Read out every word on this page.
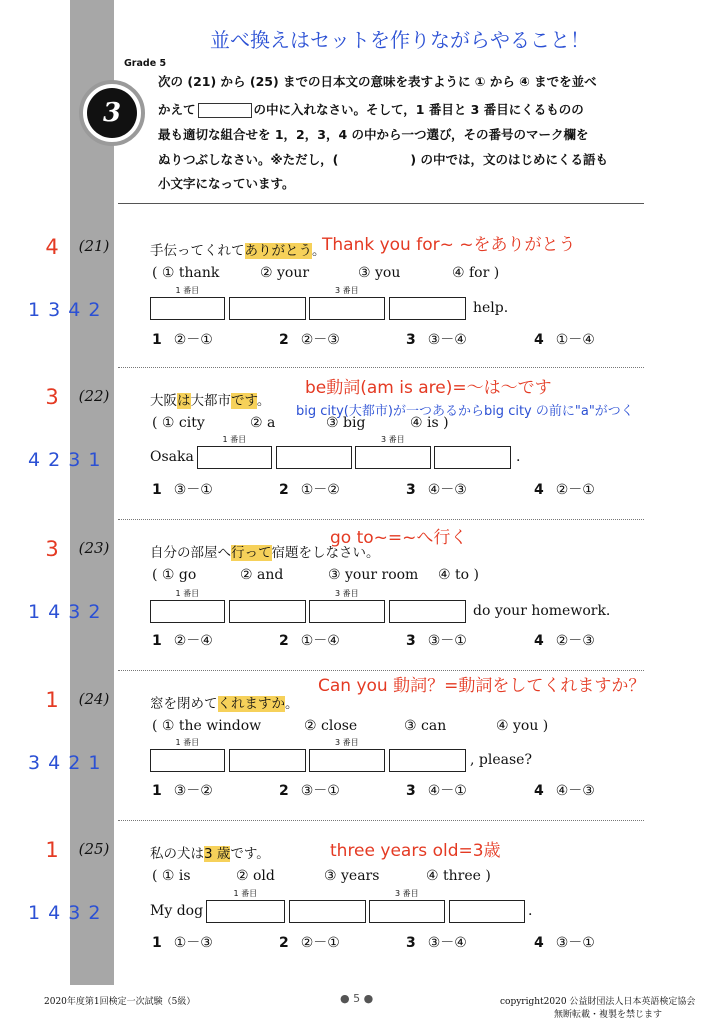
並べ換えはセットを作りながらやること！
Grade 5
3
次の (21) から (25) までの日本文の意味を表すように ① から ④ までを並べ
かえて	の中に入れなさい。そして，1 番目と 3 番目にくるものの
最も適切な組合せを 1，2，3，4 の中から一つ選び，その番号のマーク欄を
ぬりつぶしなさい。※ただし，(	) の中では，文のはじめにくる語も
小文字になっています。
4	(21)
1 3 4 2
手伝ってくれてありがとう。
Thank you for~ ~をありがとう
( ① thank	② your	③ you	④ for )
1 番目	3 番目
help.
1 ②－①	2 ②－③	3 ③－④	4 ①－④
3	(22)
4 2 3 1
大阪は大都市です。
be動詞(am is are)=〜は〜です
big city(大都市)が一つあるからbig city の前に"a"がつく
( ① city	② a	③ big	④ is )
1 番目	3 番目
Osaka	.
1 ③－①	2 ①－②	3 ④－③	4 ②－①
3	(23)
1 4 3 2
自分の部屋へ行って宿題をしなさい。
go to~=~へ行く
( ① go	② and	③ your room ④ to )
1 番目	3 番目
do your homework.
1 ②－④	2 ①－④	3 ③－①	4 ②－③
1	(24)
3 4 2 1
窓を閉めてくれますか。
Can you 動詞？=動詞をしてくれますか？
( ① the window	② close	③ can	④ you )
1 番目	3 番目
, please?
1 ③－②	2 ③－①	3 ④－①	4 ④－③
1	(25)
1 4 3 2
私の犬は3 歳です。	three years old=3歳
( ① is	② old	③ years	④ three )
1 番目	3 番目
My dog	.
1 ①－③	2 ②－①	3 ③－④	4 ③－①
2020年度第1回検定一次試験（5級）	● 5 ●	copyright2020 公益財団法人日本英語検定協会
無断転載・複製を禁じます
